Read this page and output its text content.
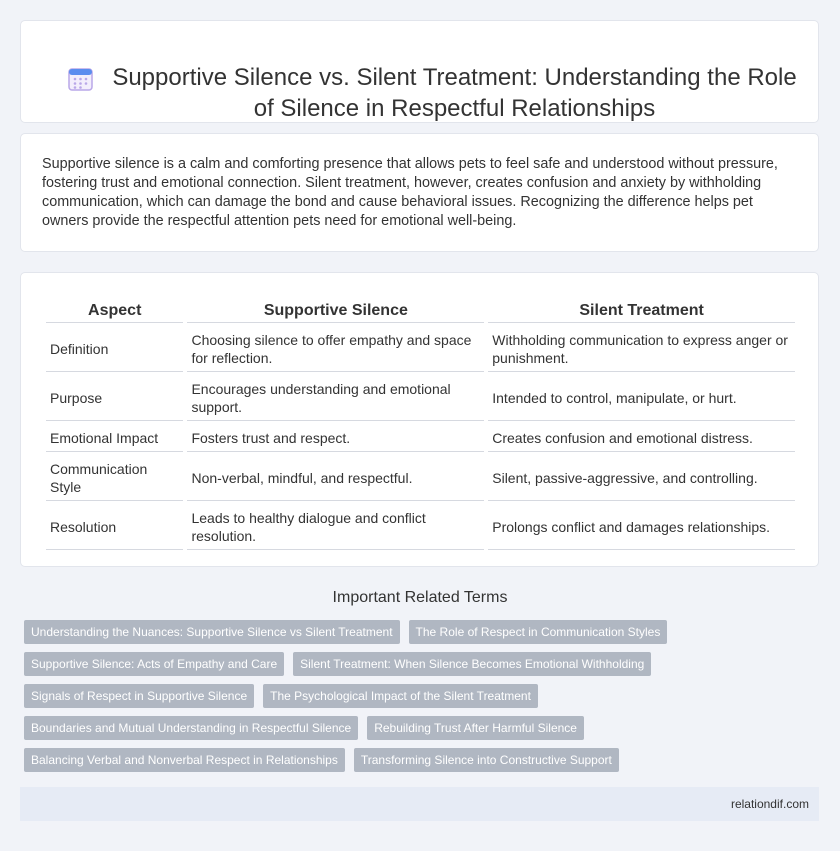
Supportive Silence vs. Silent Treatment: Understanding the Role of Silence in Respectful Relationships

Supportive silence is a calm and comforting presence that allows pets to feel safe and understood without pressure, fostering trust and emotional connection. Silent treatment, however, creates confusion and anxiety by withholding communication, which can damage the bond and cause behavioral issues. Recognizing the difference helps pet owners provide the respectful attention pets need for emotional well-being.

Aspect	Supportive Silence	Silent Treatment
Definition	Choosing silence to offer empathy and space for reflection.	Withholding communication to express anger or punishment.
Purpose	Encourages understanding and emotional support.	Intended to control, manipulate, or hurt.
Emotional Impact	Fosters trust and respect.	Creates confusion and emotional distress.
Communication Style	Non-verbal, mindful, and respectful.	Silent, passive-aggressive, and controlling.
Resolution	Leads to healthy dialogue and conflict resolution.	Prolongs conflict and damages relationships.
Important Related Terms
Understanding the Nuances: Supportive Silence vs Silent Treatment	The Role of Respect in Communication Styles
Supportive Silence: Acts of Empathy and Care	Silent Treatment: When Silence Becomes Emotional Withholding
Signals of Respect in Supportive Silence	The Psychological Impact of the Silent Treatment
Boundaries and Mutual Understanding in Respectful Silence	Rebuilding Trust After Harmful Silence
Balancing Verbal and Nonverbal Respect in Relationships	Transforming Silence into Constructive Support
relationdif.com
